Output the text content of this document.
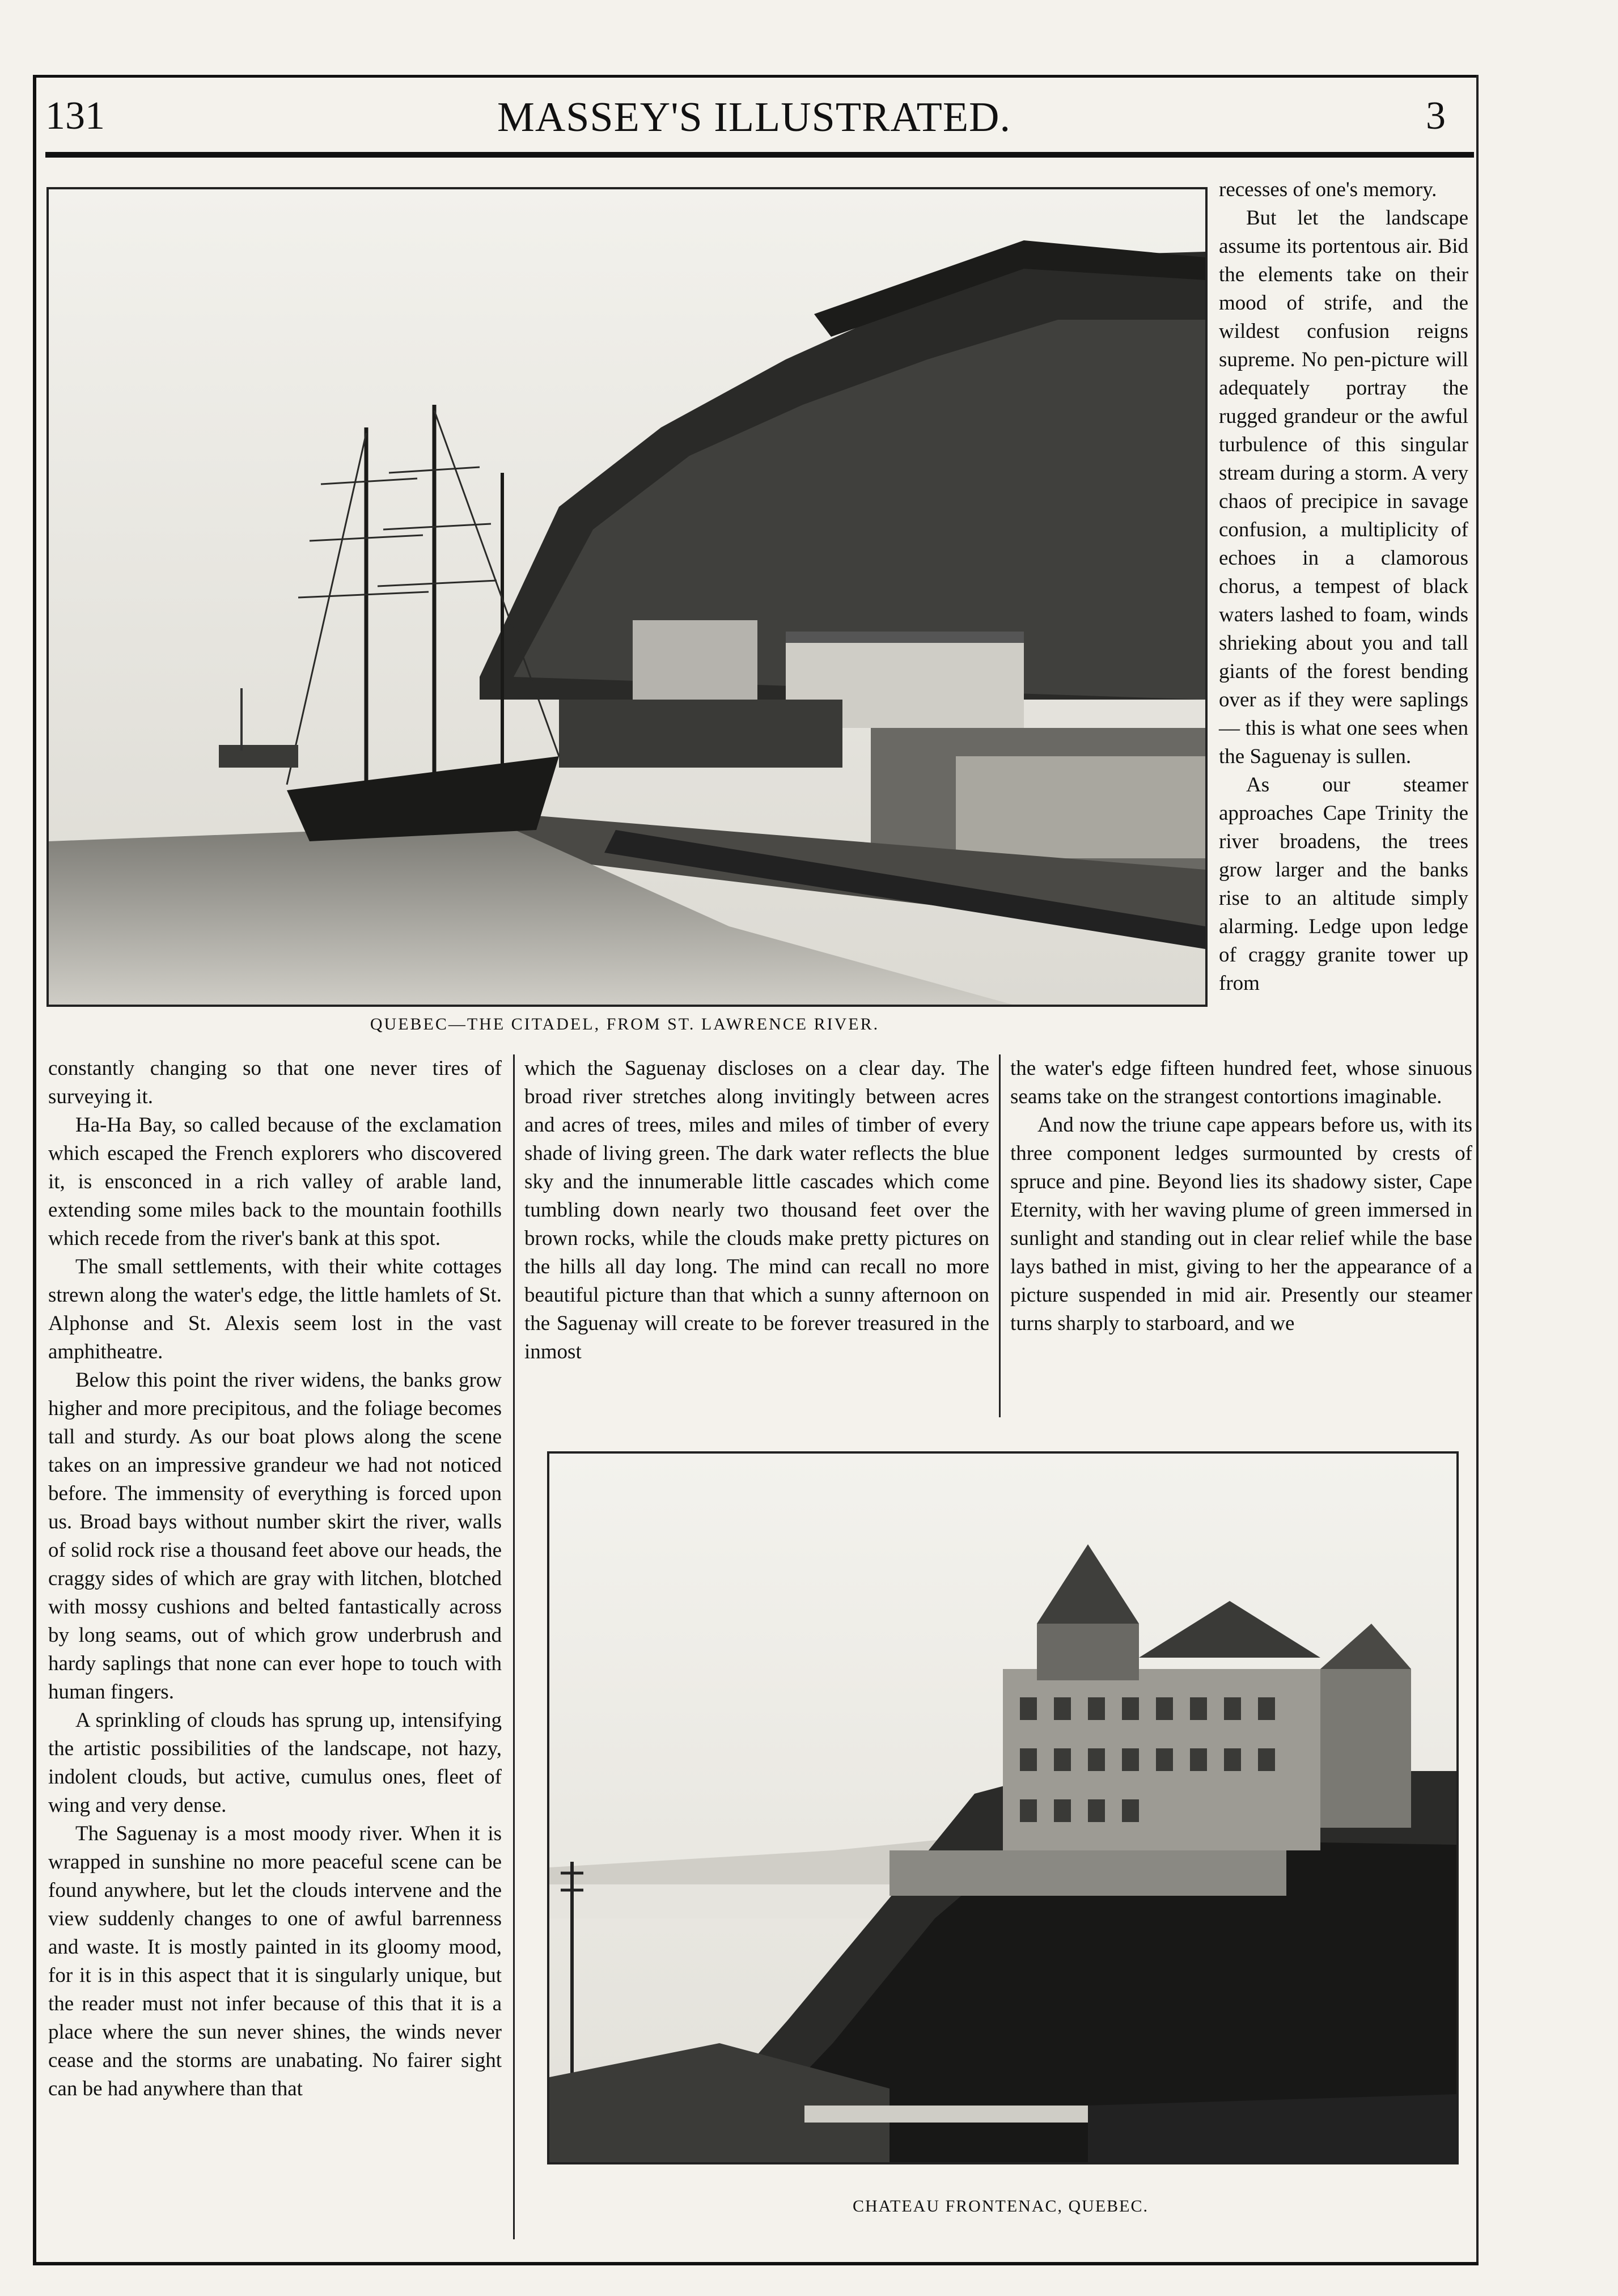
131	MASSEY'S ILLUSTRATED.	3
QUEBEC—THE CITADEL, FROM ST. LAWRENCE RIVER.

recesses of one's memory.

But let the landscape assume its portentous air. Bid the elements take on their mood of strife, and the wildest confusion reigns supreme. No pen-picture will adequately portray the rugged grandeur or the awful turbulence of this singular stream during a storm. A very chaos of precipice in savage confusion, a multiplicity of echoes in a clamorous chorus, a tempest of black waters lashed to foam, winds shrieking about you and tall giants of the forest bending over as if they were saplings — this is what one sees when the Saguenay is sullen.

As our steamer approaches Cape Trinity the river broadens, the trees grow larger and the banks rise to an altitude simply alarming. Ledge upon ledge of craggy granite tower up from

constantly changing so that one never tires of surveying it.

Ha-Ha Bay, so called because of the exclamation which escaped the French explorers who discovered it, is ensconced in a rich valley of arable land, extending some miles back to the mountain foothills which recede from the river's bank at this spot.

The small settlements, with their white cottages strewn along the water's edge, the little hamlets of St. Alphonse and St. Alexis seem lost in the vast amphitheatre.

Below this point the river widens, the banks grow higher and more precipitous, and the foliage becomes tall and sturdy. As our boat plows along the scene takes on an impressive grandeur we had not noticed before. The immensity of everything is forced upon us. Broad bays without number skirt the river, walls of solid rock rise a thousand feet above our heads, the craggy sides of which are gray with litchen, blotched with mossy cushions and belted fantastically across by long seams, out of which grow underbrush and hardy saplings that none can ever hope to touch with human fingers.

A sprinkling of clouds has sprung up, intensifying the artistic possibilities of the landscape, not hazy, indolent clouds, but active, cumulus ones, fleet of wing and very dense.

The Saguenay is a most moody river. When it is wrapped in sunshine no more peaceful scene can be found anywhere, but let the clouds intervene and the view suddenly changes to one of awful barrenness and waste. It is mostly painted in its gloomy mood, for it is in this aspect that it is singularly unique, but the reader must not infer because of this that it is a place where the sun never shines, the winds never cease and the storms are unabating. No fairer sight can be had anywhere than that

which the Saguenay discloses on a clear day. The broad river stretches along invitingly between acres and acres of trees, miles and miles of timber of every shade of living green. The dark water reflects the blue sky and the innumerable little cascades which come tumbling down nearly two thousand feet over the brown rocks, while the clouds make pretty pictures on the hills all day long. The mind can recall no more beautiful picture than that which a sunny afternoon on the Saguenay will create to be forever treasured in the inmost

the water's edge fifteen hundred feet, whose sinuous seams take on the strangest contortions imaginable.

And now the triune cape appears before us, with its three component ledges surmounted by crests of spruce and pine. Beyond lies its shadowy sister, Cape Eternity, with her waving plume of green immersed in sunlight and standing out in clear relief while the base lays bathed in mist, giving to her the appearance of a picture suspended in mid air. Presently our steamer turns sharply to starboard, and we

CHATEAU FRONTENAC, QUEBEC.
